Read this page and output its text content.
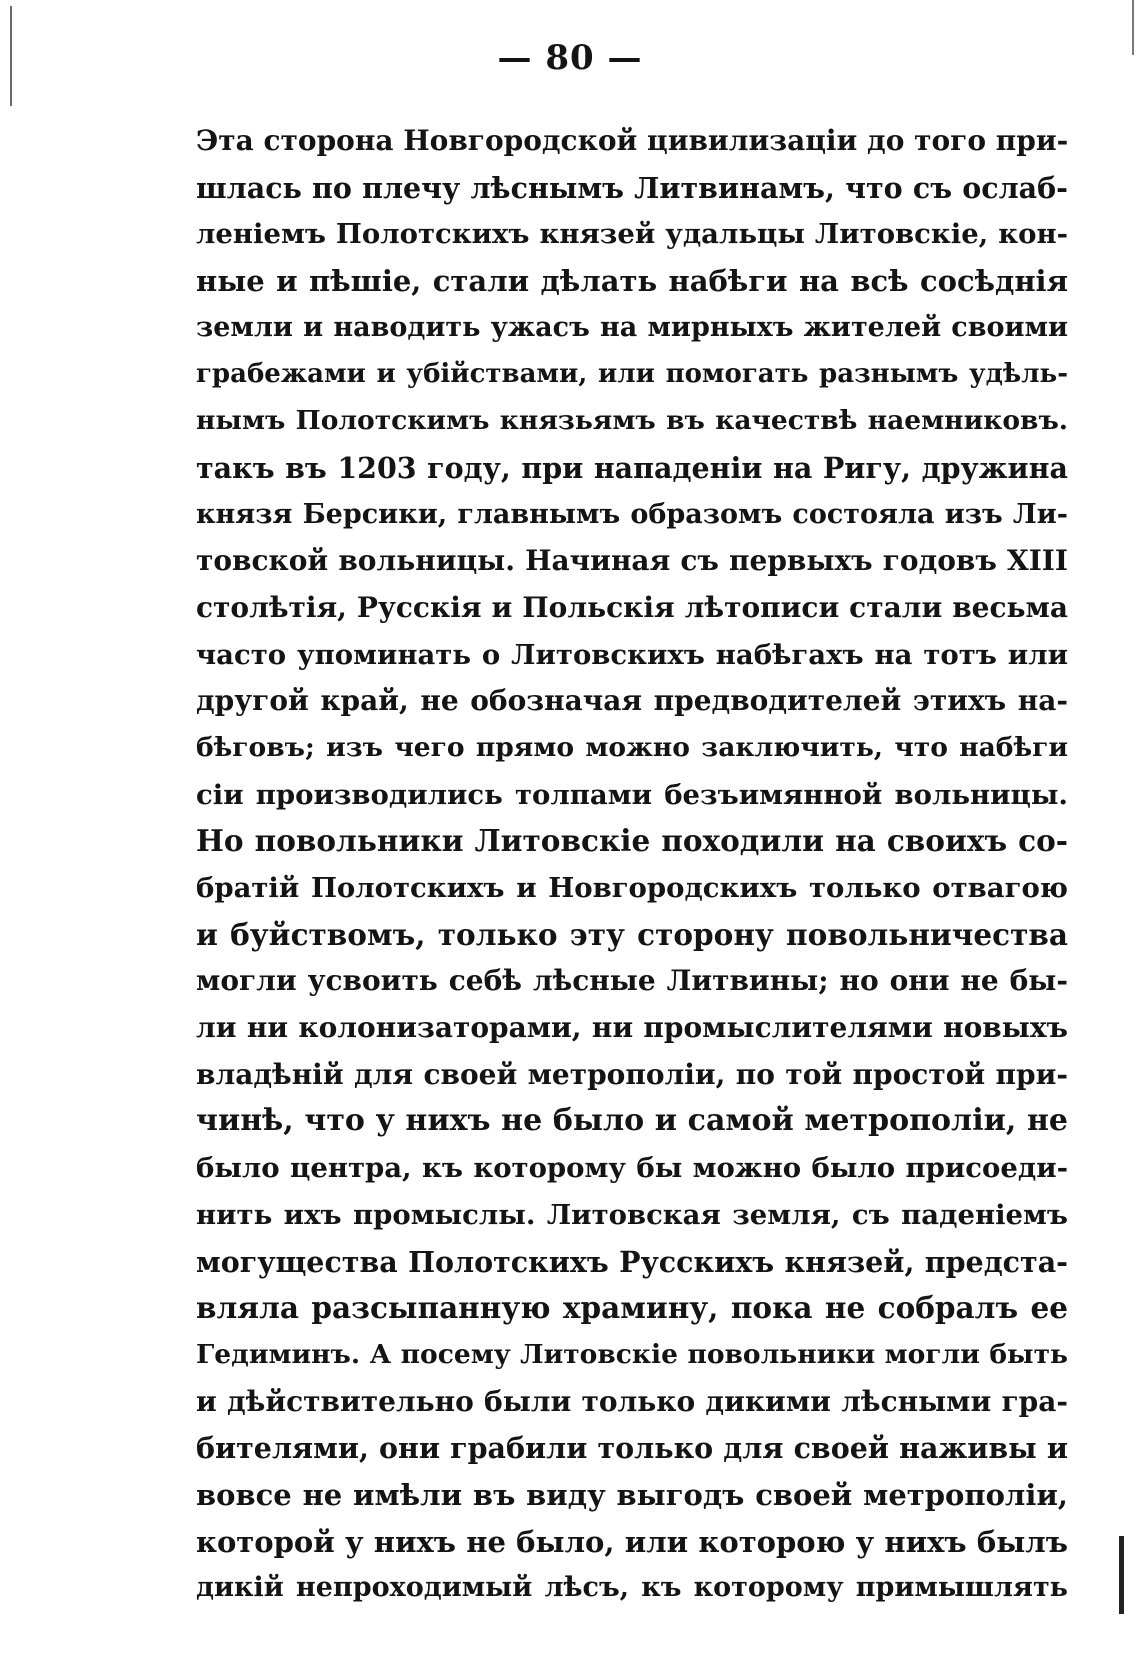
— 80 —
Эта сторона Новгородской цивилизацiи до того при-
шлась по плечу лѣснымъ Литвинамъ, что съ ослаб-
ленiемъ Полотскихъ князей удальцы Литовскiе, кон-
ные и пѣшiе, стали дѣлать набѣги на всѣ сосѣднiя
земли и наводить ужасъ на мирныхъ жителей своими
грабежами и убiйствами, или помогать разнымъ удѣль-
нымъ Полотскимъ князьямъ въ качествѣ наемниковъ.
такъ въ 1203 году, при нападенiи на Ригу, дружина
князя Берсики, главнымъ образомъ состояла изъ Ли-
товской вольницы. Начиная съ первыхъ годовъ XIII
столѣтiя, Русскiя и Польскiя лѣтописи стали весьма
часто упоминать о Литовскихъ набѣгахъ на тотъ или
другой край, не обозначая предводителей этихъ на-
бѣговъ; изъ чего прямо можно заключить, что набѣги
сiи производились толпами безъимянной вольницы.
Но повольники Литовскiе походили на своихъ со-
братiй Полотскихъ и Новгородскихъ только отвагою
и буйствомъ, только эту сторону повольничества
могли усвоить себѣ лѣсные Литвины; но они не бы-
ли ни колонизаторами, ни промыслителями новыхъ
владѣнiй для своей метрополiи, по той простой при-
чинѣ, что у нихъ не было и самой метрополiи, не
было центра, къ которому бы можно было присоеди-
нить ихъ промыслы. Литовская земля, съ паденiемъ
могущества Полотскихъ Русскихъ князей, предста-
вляла разсыпанную храмину, пока не собралъ ее
Гедиминъ. А посему Литовскiе повольники могли быть
и дѣйствительно были только дикими лѣсными гра-
бителями, они грабили только для своей наживы и
вовсе не имѣли въ виду выгодъ своей метрополiи,
которой у нихъ не было, или которою у нихъ былъ
дикiй непроходимый лѣсъ, къ которому примышлять
